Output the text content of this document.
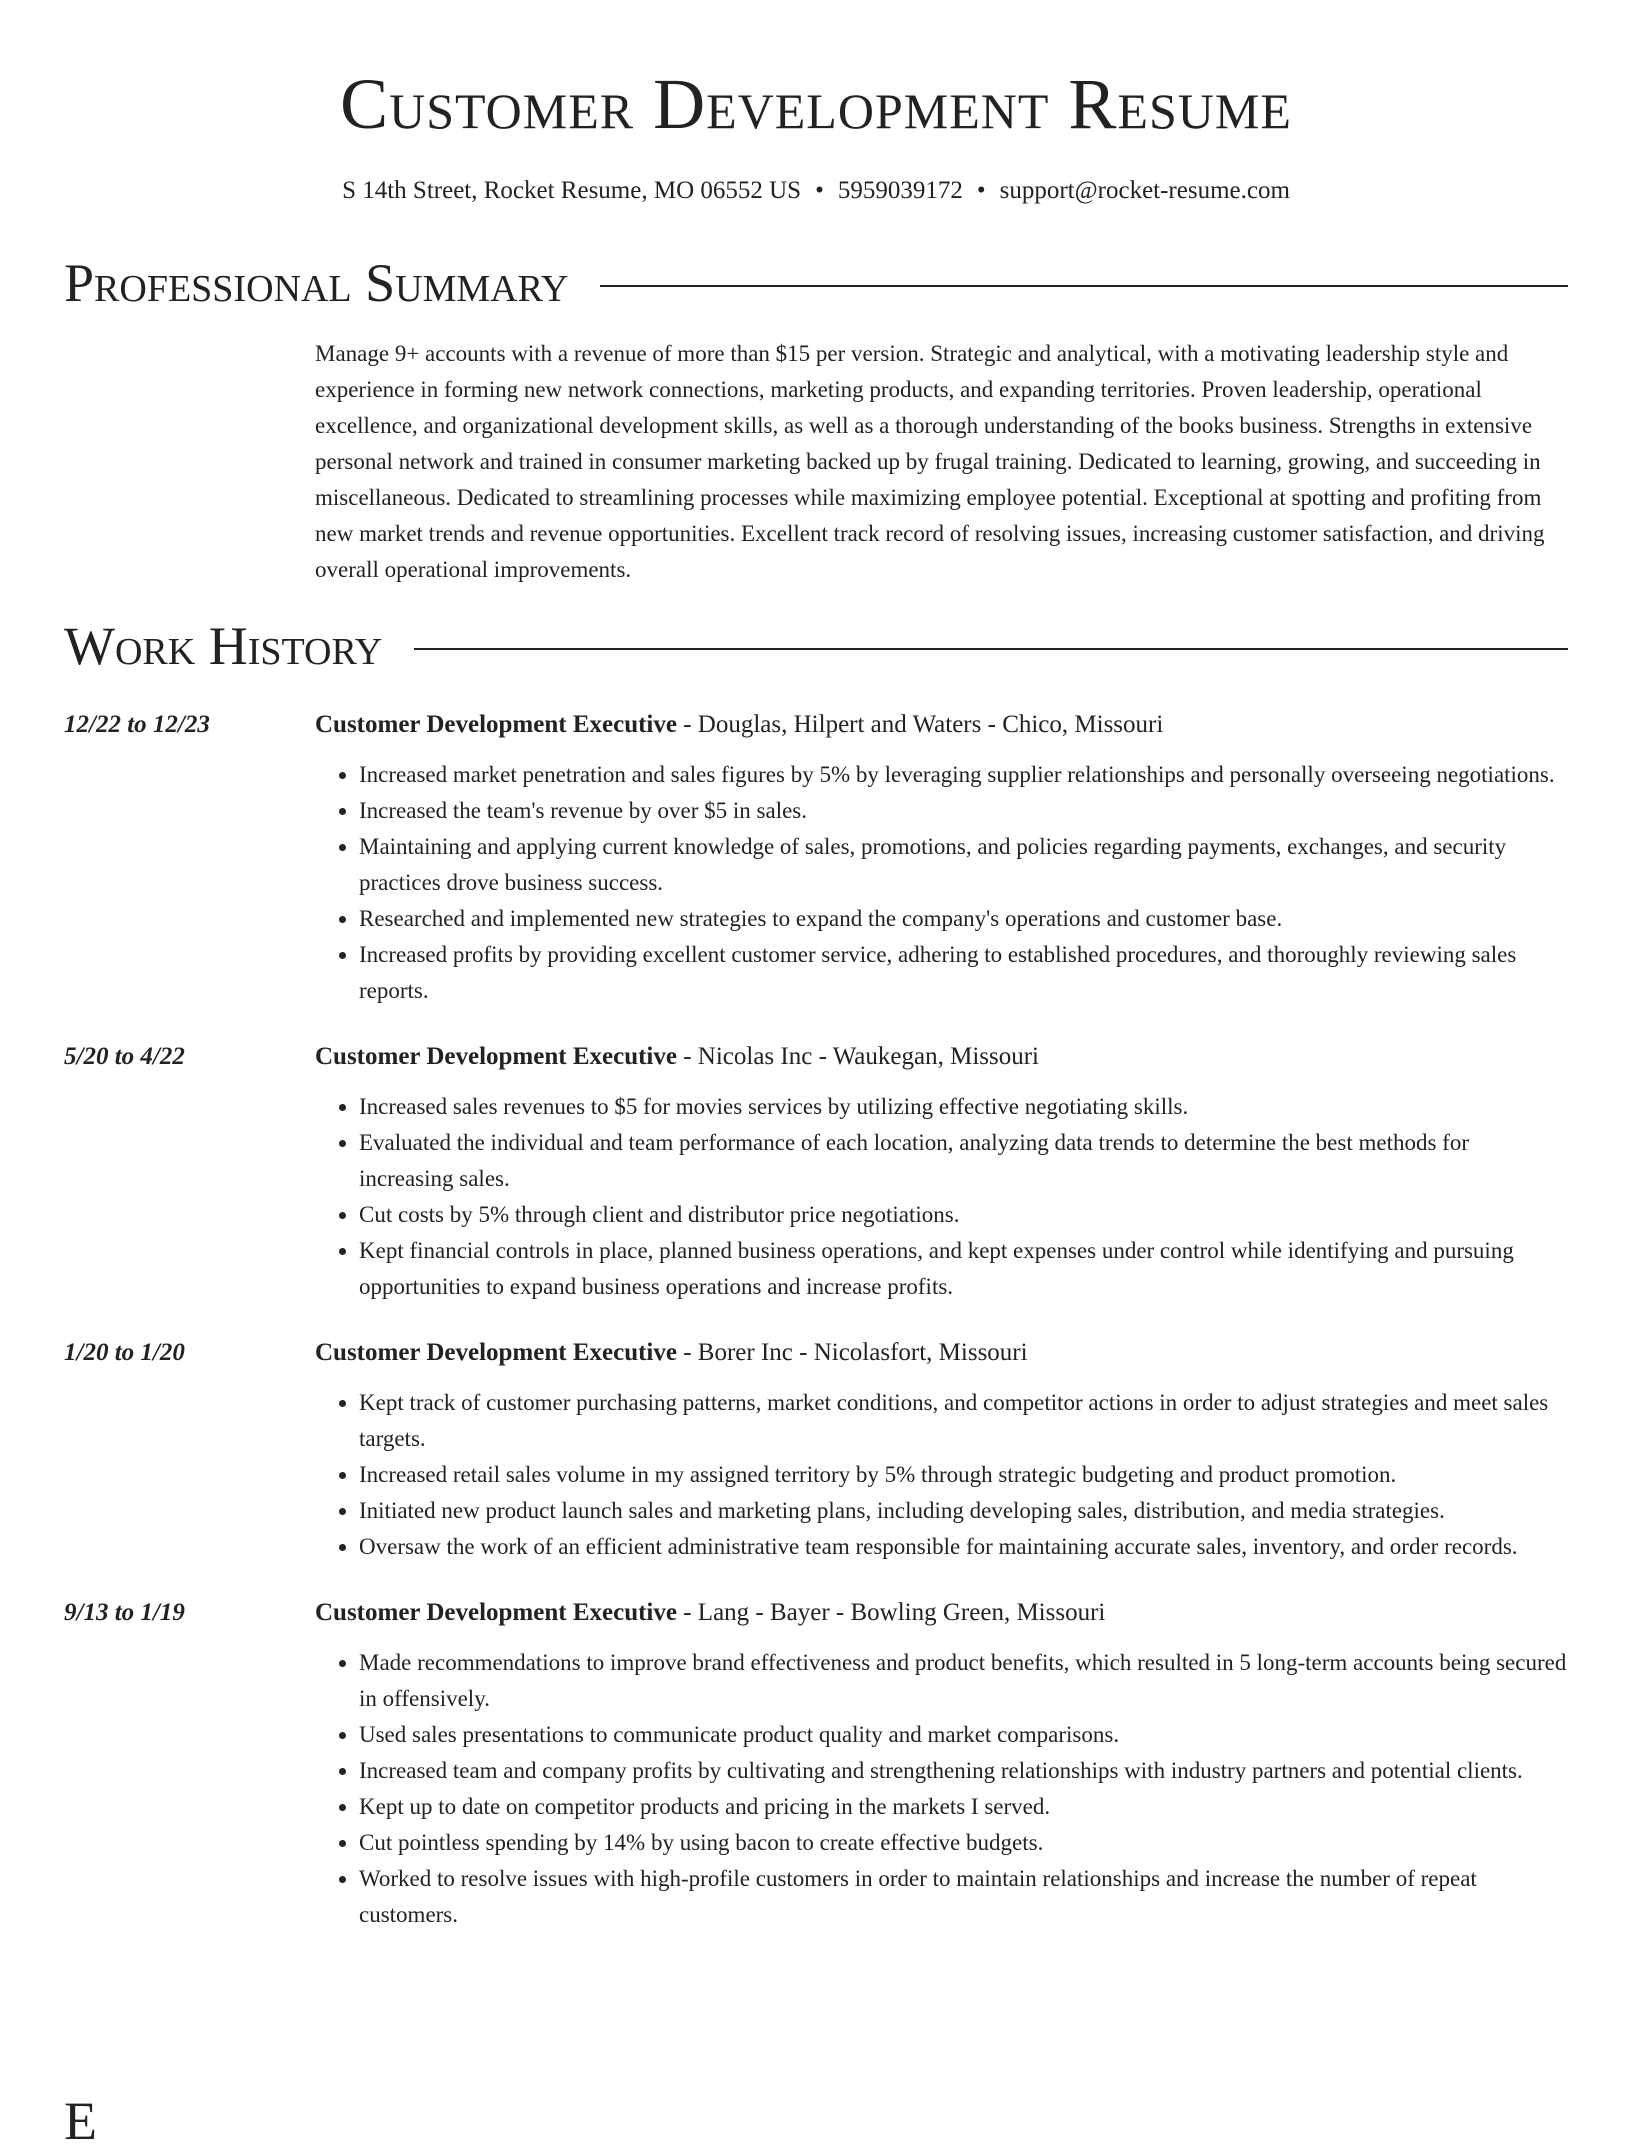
Customer Development Resume
S 14th Street, Rocket Resume, MO 06552 US • 5959039172 • support@rocket-resume.com
Professional Summary

Manage 9+ accounts with a revenue of more than $15 per version. Strategic and analytical, with a motivating leadership style and experience in forming new network connections, marketing products, and expanding territories. Proven leadership, operational excellence, and organizational development skills, as well as a thorough understanding of the books business. Strengths in extensive personal network and trained in consumer marketing backed up by frugal training. Dedicated to learning, growing, and succeeding in miscellaneous. Dedicated to streamlining processes while maximizing employee potential. Exceptional at spotting and profiting from new market trends and revenue opportunities. Excellent track record of resolving issues, increasing customer satisfaction, and driving overall operational improvements.

Work History
12/22 to 12/23	Customer Development Executive - Douglas, Hilpert and Waters - Chico, Missouri
• Increased market penetration and sales figures by 5% by leveraging supplier relationships and personally overseeing negotiations.
• Increased the team's revenue by over $5 in sales.
• Maintaining and applying current knowledge of sales, promotions, and policies regarding payments, exchanges, and security practices drove business success.
• Researched and implemented new strategies to expand the company's operations and customer base.
• Increased profits by providing excellent customer service, adhering to established procedures, and thoroughly reviewing sales reports.
5/20 to 4/22	Customer Development Executive - Nicolas Inc - Waukegan, Missouri
• Increased sales revenues to $5 for movies services by utilizing effective negotiating skills.
• Evaluated the individual and team performance of each location, analyzing data trends to determine the best methods for increasing sales.
• Cut costs by 5% through client and distributor price negotiations.
• Kept financial controls in place, planned business operations, and kept expenses under control while identifying and pursuing opportunities to expand business operations and increase profits.
1/20 to 1/20	Customer Development Executive - Borer Inc - Nicolasfort, Missouri
• Kept track of customer purchasing patterns, market conditions, and competitor actions in order to adjust strategies and meet sales targets.
• Increased retail sales volume in my assigned territory by 5% through strategic budgeting and product promotion.
• Initiated new product launch sales and marketing plans, including developing sales, distribution, and media strategies.
• Oversaw the work of an efficient administrative team responsible for maintaining accurate sales, inventory, and order records.
9/13 to 1/19	Customer Development Executive - Lang - Bayer - Bowling Green, Missouri
• Made recommendations to improve brand effectiveness and product benefits, which resulted in 5 long-term accounts being secured in offensively.
• Used sales presentations to communicate product quality and market comparisons.
• Increased team and company profits by cultivating and strengthening relationships with industry partners and potential clients.
• Kept up to date on competitor products and pricing in the markets I served.
• Cut pointless spending by 14% by using bacon to create effective budgets.
• Worked to resolve issues with high-profile customers in order to maintain relationships and increase the number of repeat customers.
E
